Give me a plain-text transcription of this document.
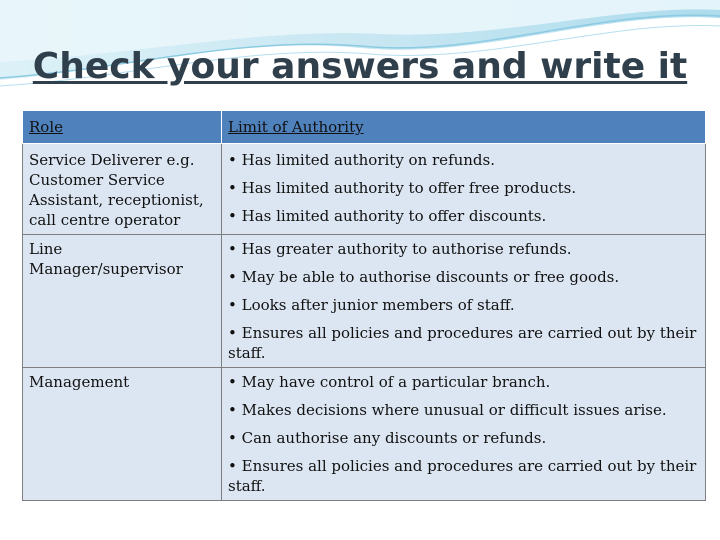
Check your answers and write it
Role	Limit of Authority
Service Deliverer e.g. Customer Service Assistant, receptionist, call centre operator	• Has limited authority on refunds.
• Has limited authority to offer free products.
• Has limited authority to offer discounts.

Line Manager/supervisor	• Has greater authority to authorise refunds.
• May be able to authorise discounts or free goods.
• Looks after junior members of staff.
• Ensures all policies and procedures are carried out by their staff.

Management	• May have control of a particular branch.
• Makes decisions where unusual or difficult issues arise.
• Can authorise any discounts or refunds.
• Ensures all policies and procedures are carried out by their staff.
